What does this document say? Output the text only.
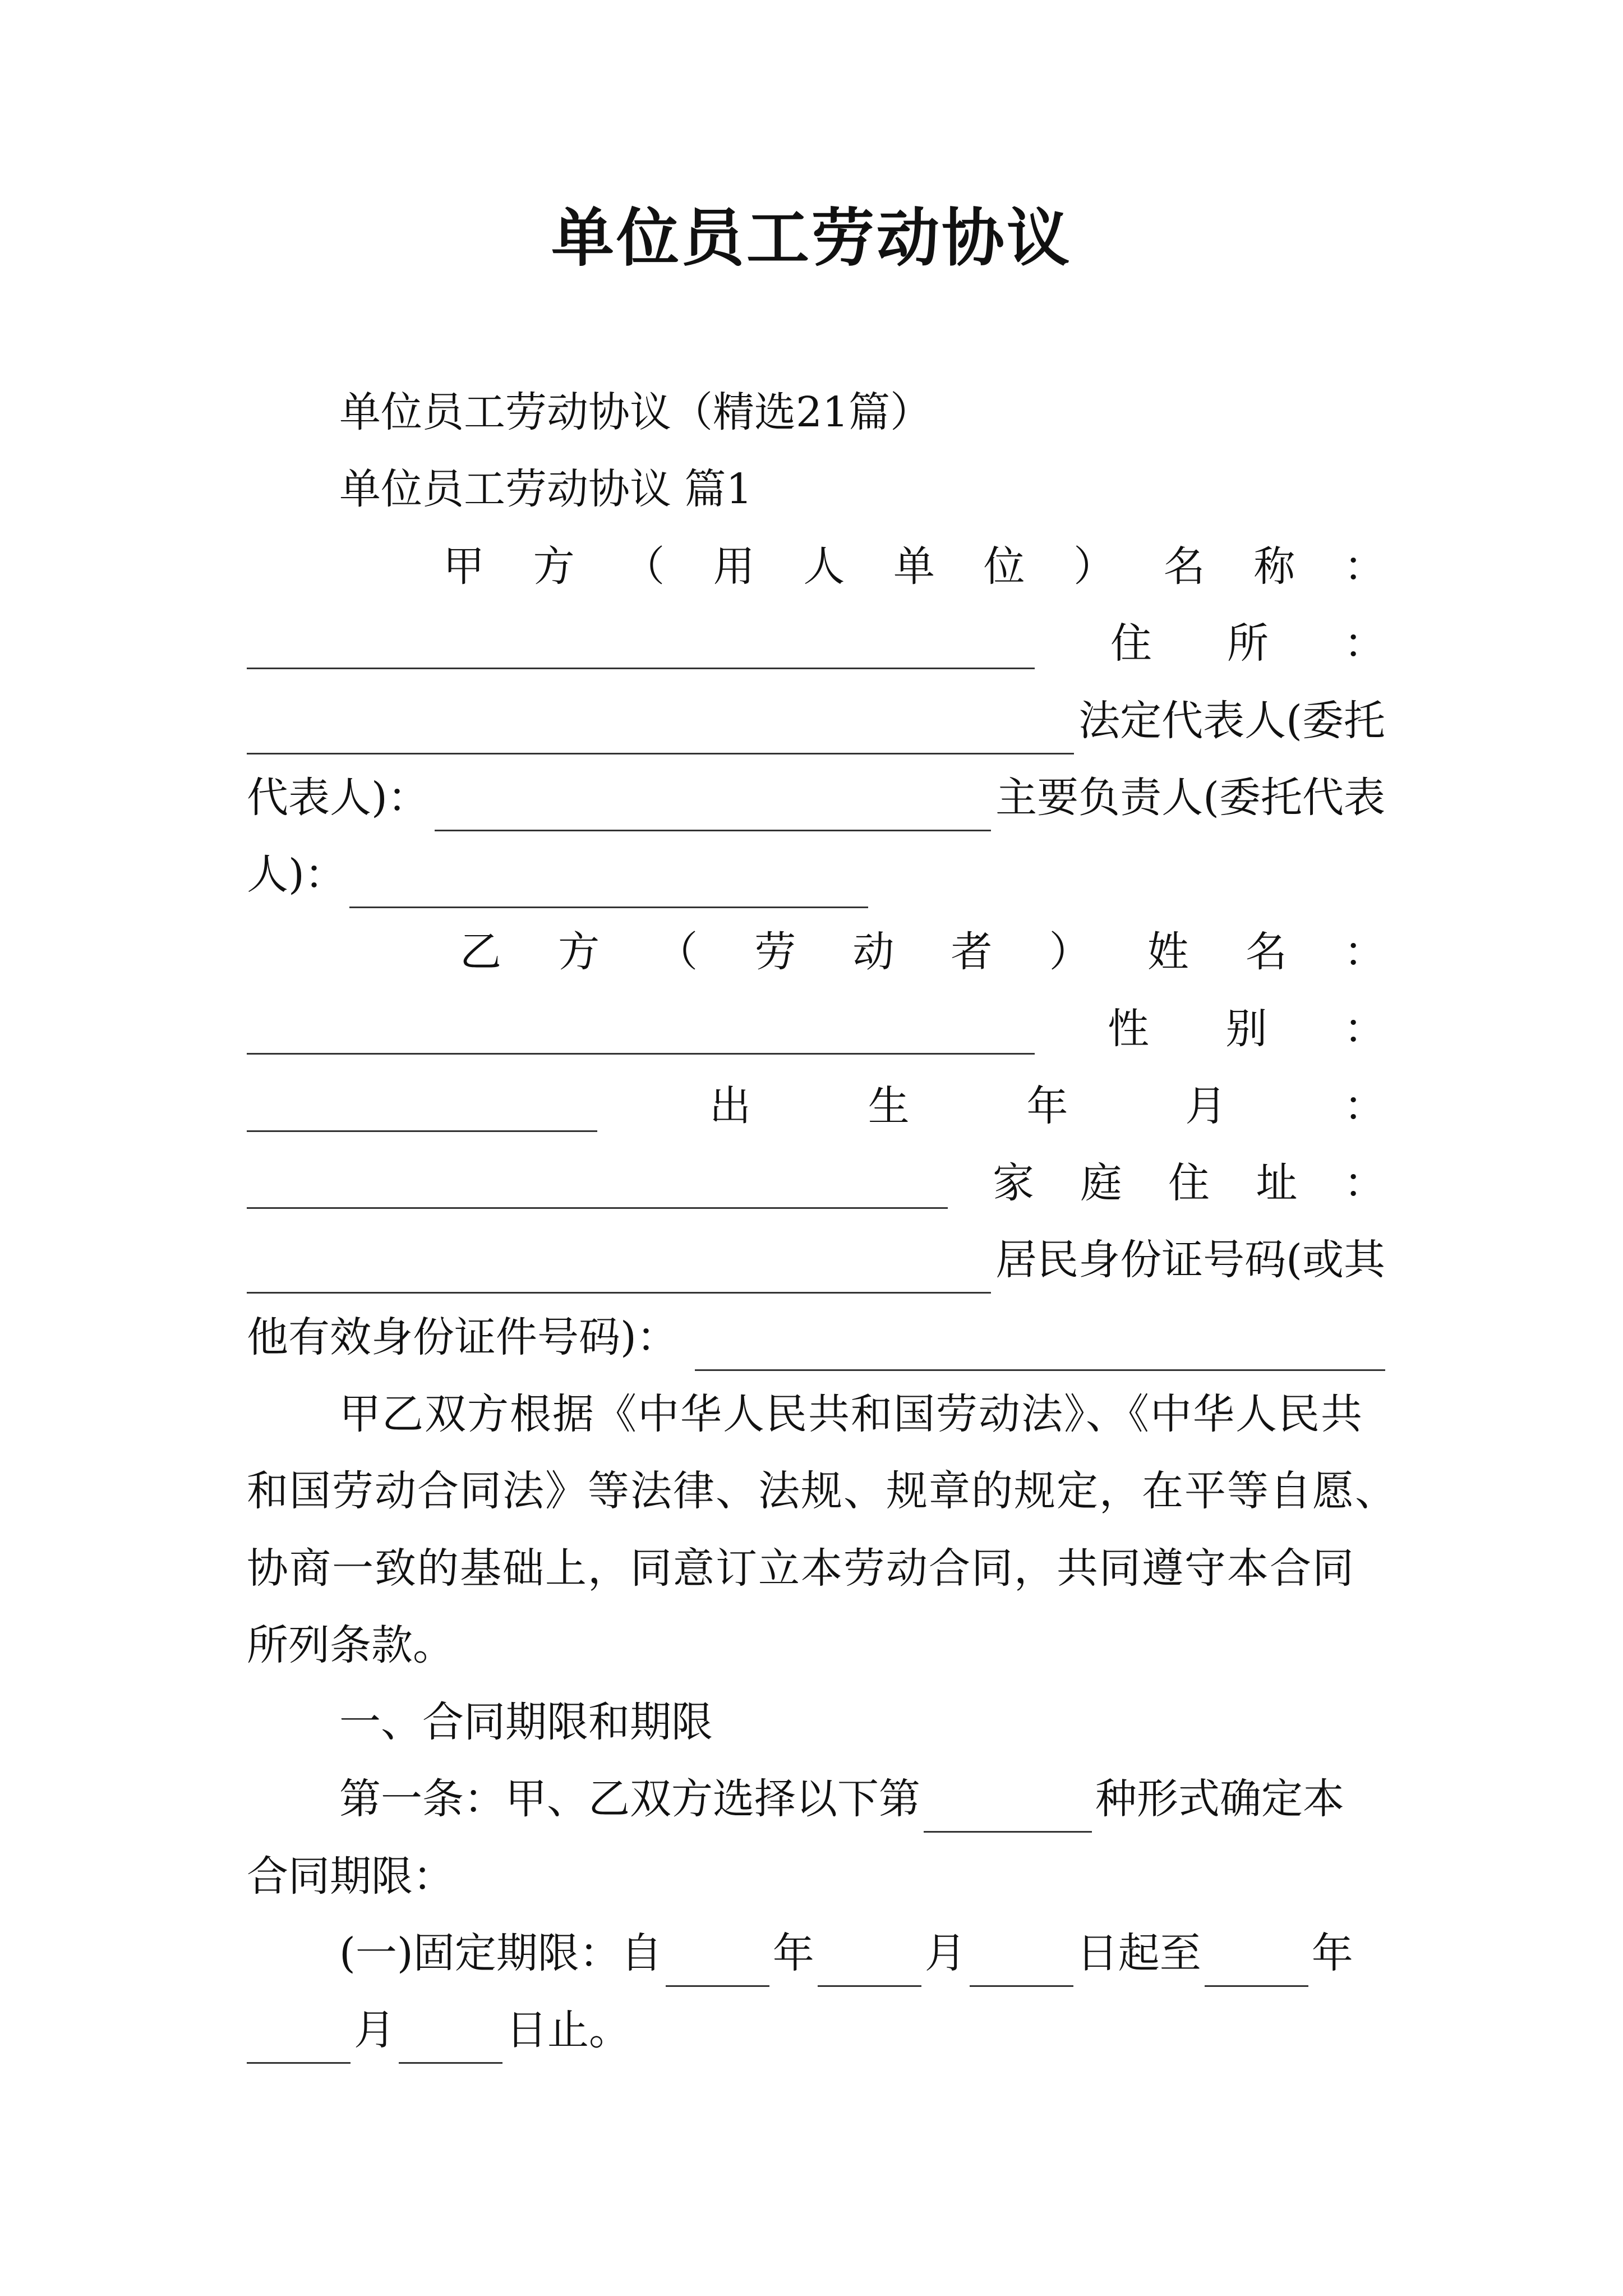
单位员工劳动协议
单位员工劳动协议（精选21篇）
单位员工劳动协议 篇1
甲 方 （ 用 人 单 位 ） 名 称 ：
住 所 ：
法定代表人(委托
代表人)：	主要负责人(委托代表
人)：
乙 方 （ 劳 动 者 ） 姓 名 ：
性 别 ：
出	生	年	月	：
家 庭 住 址 ：
居民身份证号码(或其
他有效身份证件号码)：
甲乙双方根据《中华人民共和国劳动法》、《中华人民共
和国劳动合同法》等法律、法规、规章的规定，在平等自愿、
协商一致的基础上，同意订立本劳动合同，共同遵守本合同
所列条款。
一、合同期限和期限
第一条：甲、乙双方选择以下第	种形式确定本
合同期限：
(一)固定期限：自	年	月	日起至	年
月	日止。
